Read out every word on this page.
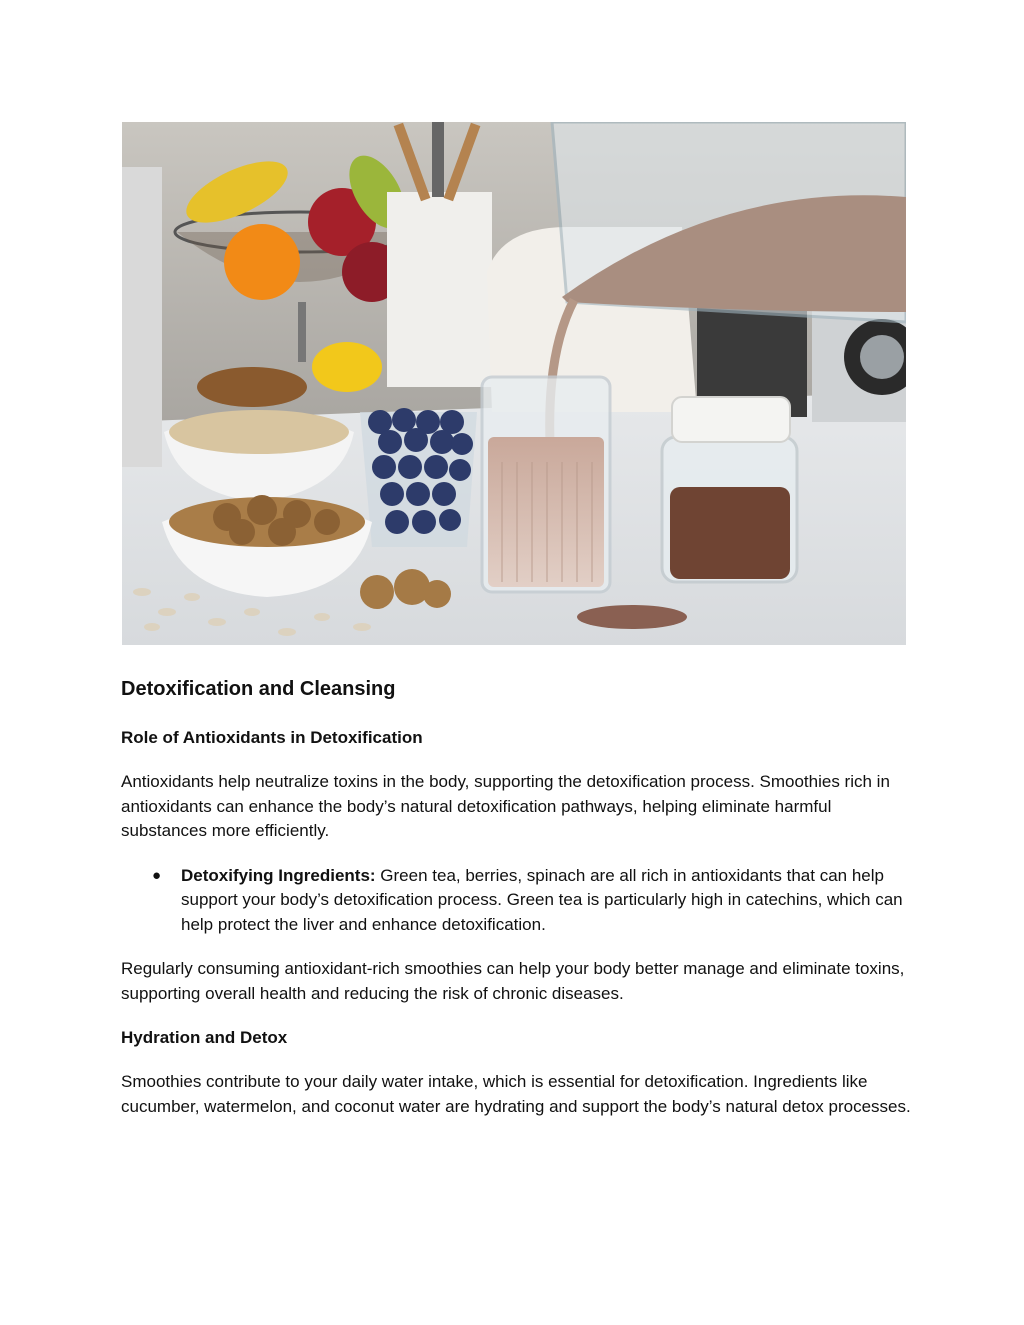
Detoxification and Cleansing
Role of Antioxidants in Detoxification

Antioxidants help neutralize toxins in the body, supporting the detoxification process. Smoothies rich in antioxidants can enhance the body’s natural detoxification pathways, helping eliminate harmful substances more efficiently.

● Detoxifying Ingredients: Green tea, berries, spinach are all rich in antioxidants that can help support your body’s detoxification process. Green tea is particularly high in catechins, which can help protect the liver and enhance detoxification.

Regularly consuming antioxidant-rich smoothies can help your body better manage and eliminate toxins, supporting overall health and reducing the risk of chronic diseases.

Hydration and Detox

Smoothies contribute to your daily water intake, which is essential for detoxification. Ingredients like cucumber, watermelon, and coconut water are hydrating and support the body’s natural detox processes.
